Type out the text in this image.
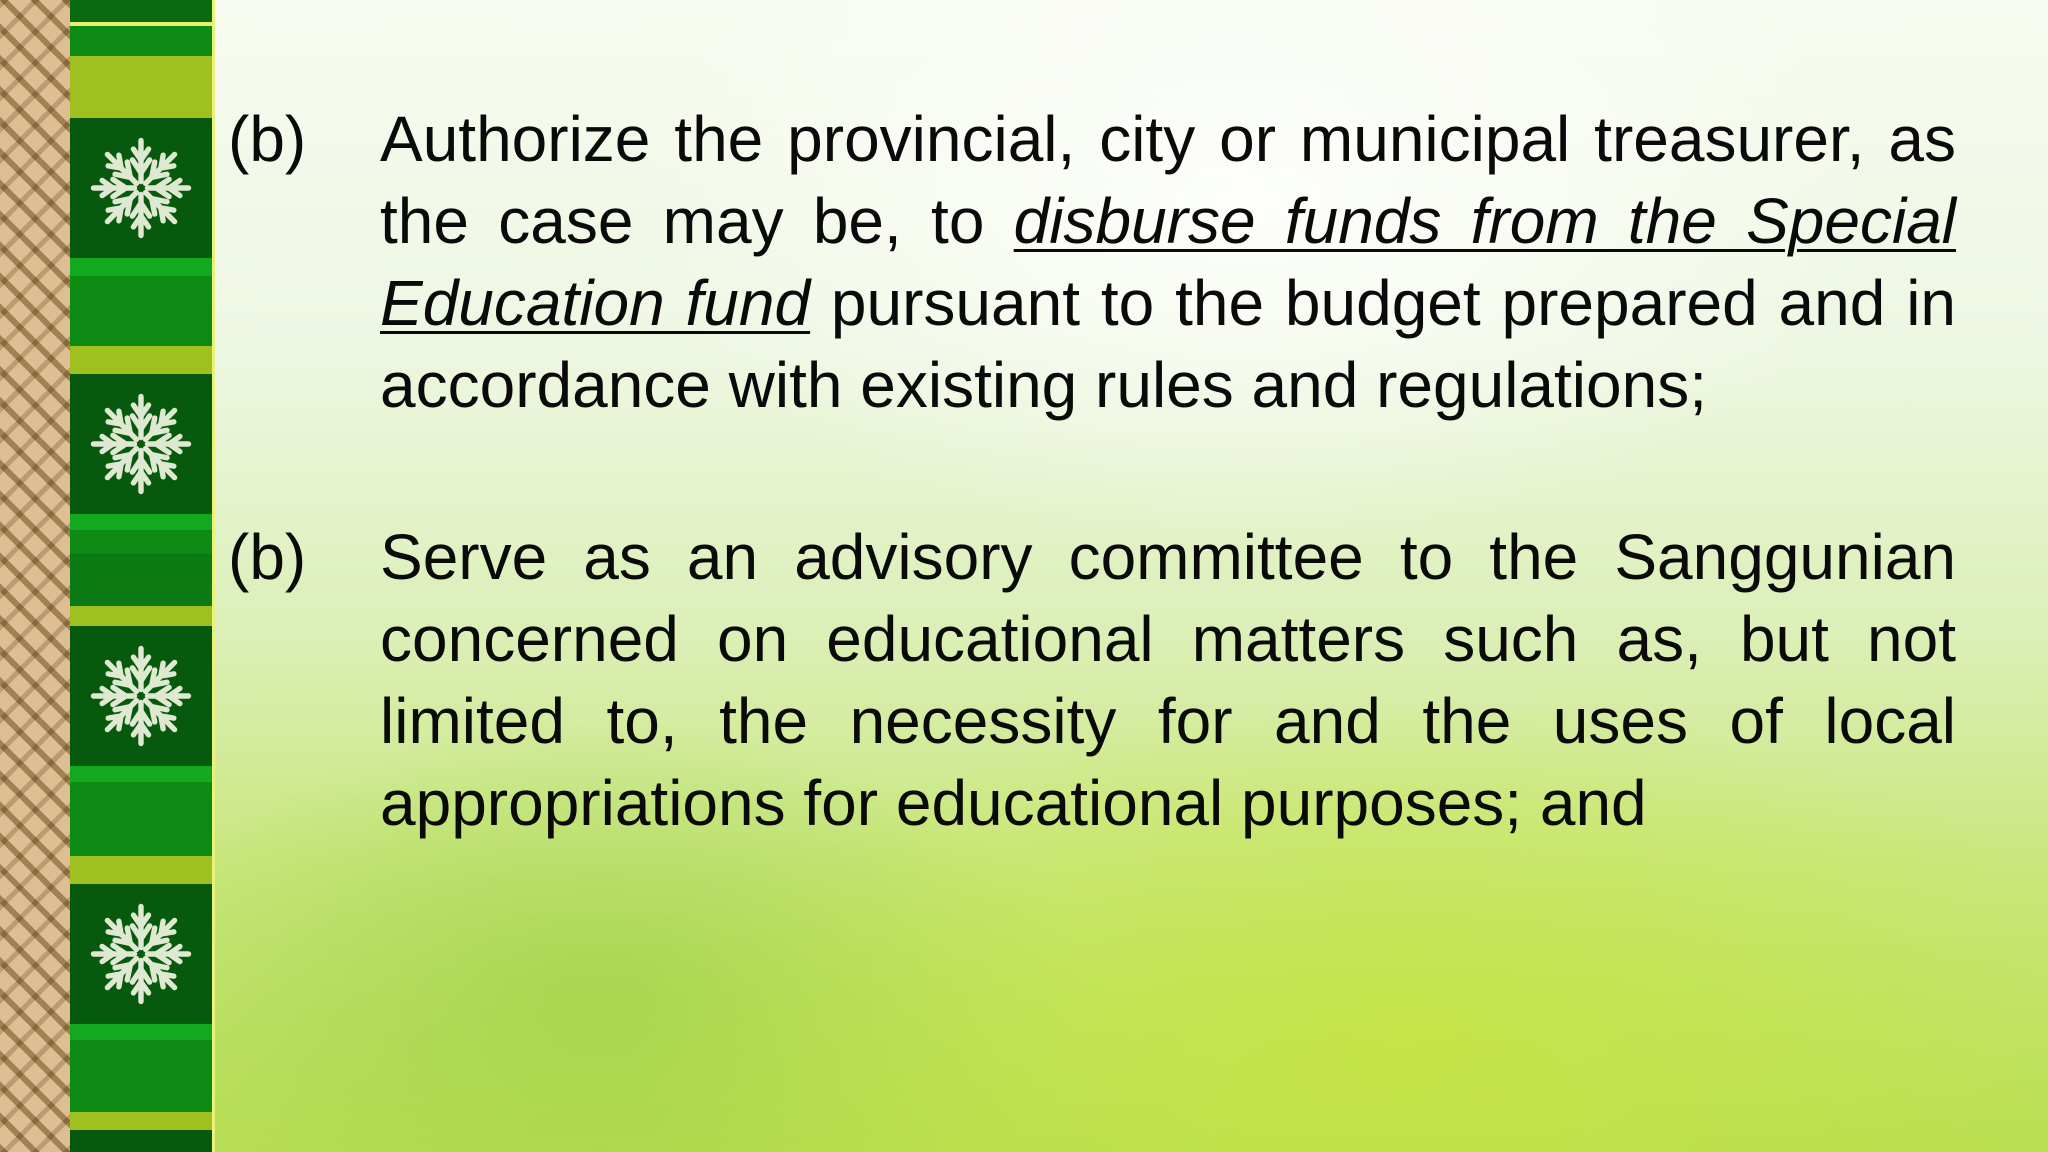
(b)	Authorize the provincial, city or municipal treasurer, as the case may be, to disburse funds from the Special Education fund pursuant to the budget prepared and in accordance with existing rules and regulations;
(b)	Serve as an advisory committee to the Sanggunian concerned on educational matters such as, but not limited to, the necessity for and the uses of local appropriations for educational purposes; and
